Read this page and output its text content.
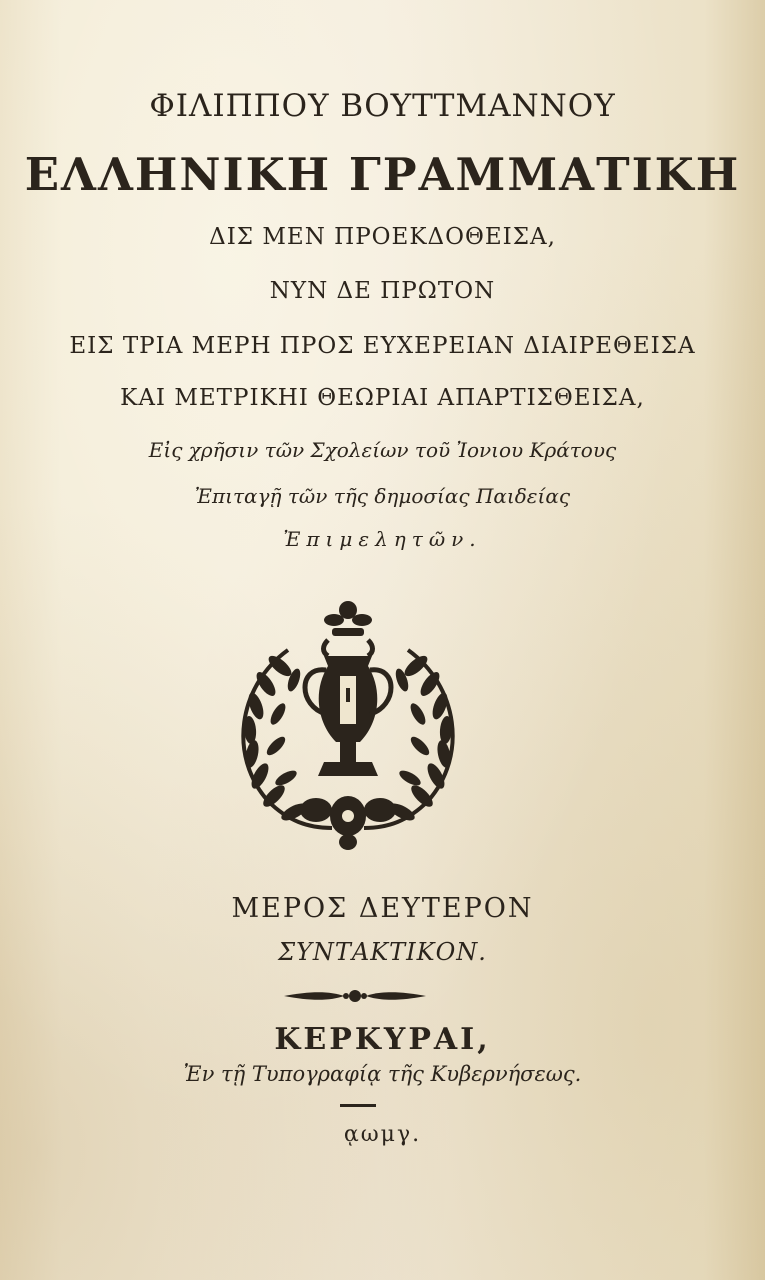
ΦΙΛΙΠΠΟΥ ΒΟΥΤΤΜΑΝΝΟΥ
ΕΛΛΗΝΙΚΗ ΓΡΑΜΜΑΤΙΚΗ
ΔΙΣ ΜΕΝ ΠΡΟΕΚΔΟΘΕΙΣΑ,
ΝΥΝ ΔΕ ΠΡΩΤΟΝ
ΕΙΣ ΤΡΙΑ ΜΕΡΗ ΠΡΟΣ ΕΥΧΕΡΕΙΑΝ ΔΙΑΙΡΕΘΕΙΣΑ
ΚΑΙ ΜΕΤΡΙΚΗΙ ΘΕΩΡΙΑΙ ΑΠΑΡΤΙΣΘΕΙΣΑ,
Εἰς χρῆσιν τῶν Σχολείων τοῦ Ἰονιου Κράτους
Ἐπιταγῇ τῶν τῆς δημοσίας Παιδείας
Ἐπιμελητῶν.
ΜΕΡΟΣ ΔΕΥΤΕΡΟΝ
ΣΥΝΤΑΚΤΙΚΟΝ.
ΚΕΡΚΥΡΑΙ,
Ἐν τῇ Τυπογραφίᾳ τῆς Κυβερνήσεως.
ᾳωμγ.
